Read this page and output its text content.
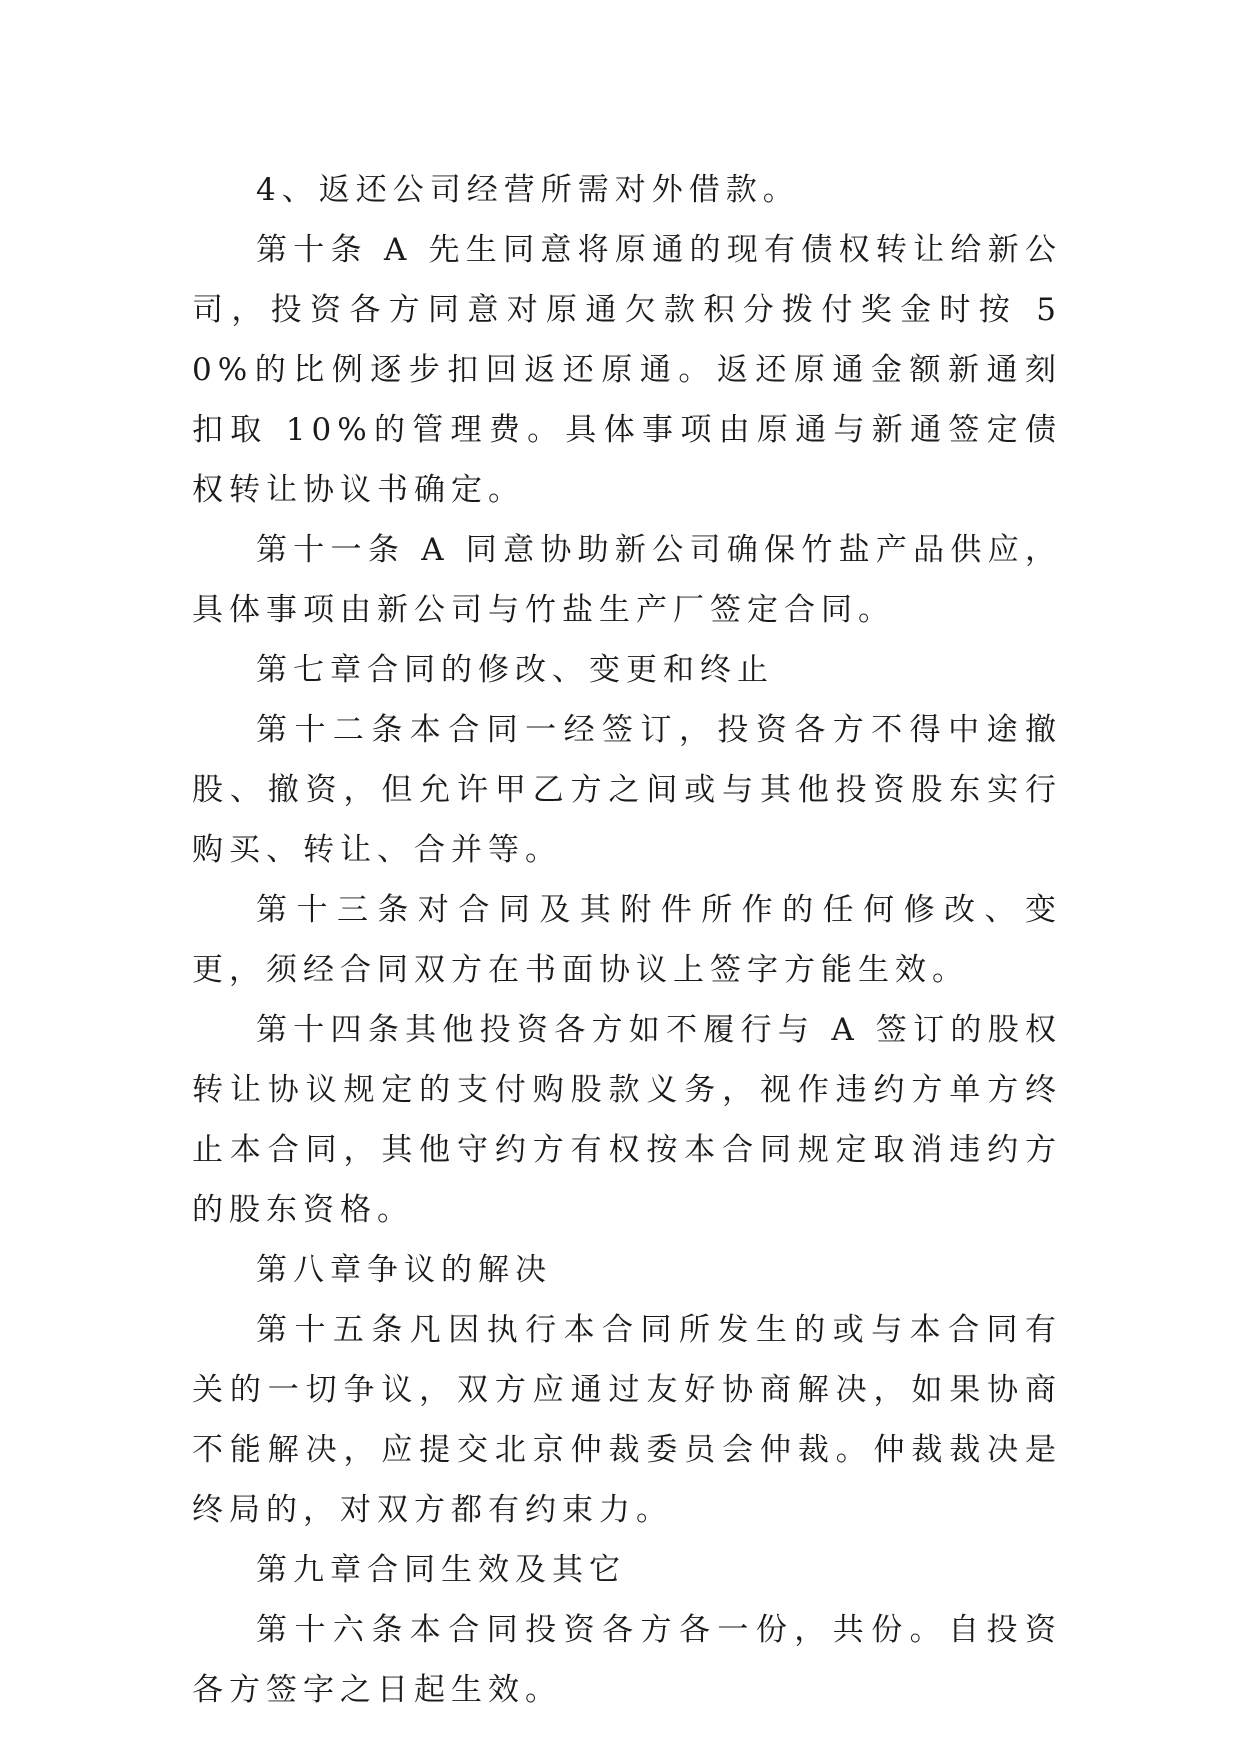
4、返还公司经营所需对外借款。

第十条 A 先生同意将原通的现有债权转让给新公司，投资各方同意对原通欠款积分拨付奖金时按 50%的比例逐步扣回返还原通。返还原通金额新通刻扣取 10%的管理费。具体事项由原通与新通签定债权转让协议书确定。

第十一条 A 同意协助新公司确保竹盐产品供应，具体事项由新公司与竹盐生产厂签定合同。

第七章合同的修改、变更和终止

第十二条本合同一经签订，投资各方不得中途撤股、撤资，但允许甲乙方之间或与其他投资股东实行购买、转让、合并等。

第十三条对合同及其附件所作的任何修改、变更，须经合同双方在书面协议上签字方能生效。

第十四条其他投资各方如不履行与 A 签订的股权转让协议规定的支付购股款义务，视作违约方单方终止本合同，其他守约方有权按本合同规定取消违约方的股东资格。

第八章争议的解决

第十五条凡因执行本合同所发生的或与本合同有关的一切争议，双方应通过友好协商解决，如果协商不能解决，应提交北京仲裁委员会仲裁。仲裁裁决是终局的，对双方都有约束力。

第九章合同生效及其它

第十六条本合同投资各方各一份，共份。自投资各方签字之日起生效。
